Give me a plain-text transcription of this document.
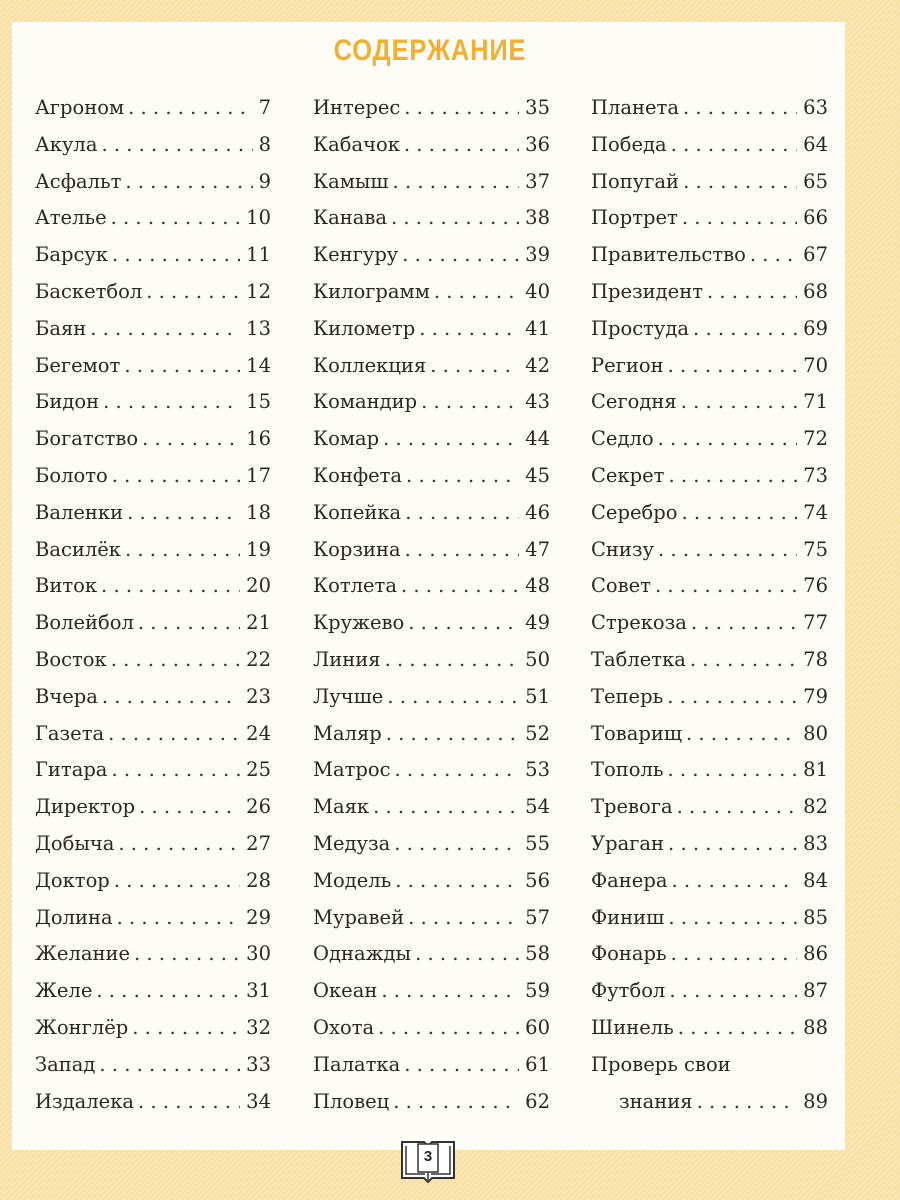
СОДЕРЖАНИЕ
Агроном . . .	7
Акула . . .	8
Асфальт . . .	9
Ателье . . .	10
Барсук . . .	11
Баскетбол . . .	12
Баян . . .	13
Бегемот . . .	14
Бидон . . .	15
Богатство . . .	16
Болото . . .	17
Валенки . . .	18
Василёк . . .	19
Виток . . .	20
Волейбол . . .	21
Восток . . .	22
Вчера . . .	23
Газета . . .	24
Гитара . . .	25
Директор . . .	26
Добыча . . .	27
Доктор . . .	28
Долина . . .	29
Желание . . .	30
Желе . . .	31
Жонглёр . . .	32
Запад . . .	33
Издалека . . .	34
Интерес . . .	35
Кабачок . . .	36
Камыш . . .	37
Канава . . .	38
Кенгуру . . .	39
Килограмм . . .	40
Километр . . .	41
Коллекция . . .	42
Командир . . .	43
Комар . . .	44
Конфета . . .	45
Копейка . . .	46
Корзина . . .	47
Котлета . . .	48
Кружево . . .	49
Линия . . .	50
Лучше . . .	51
Маляр . . .	52
Матрос . . .	53
Маяк . . .	54
Медуза . . .	55
Модель . . .	56
Муравей . . .	57
Однажды . . .	58
Океан . . .	59
Охота . . .	60
Палатка . . .	61
Пловец . . .	62
Планета . . .	63
Победа . . .	64
Попугай . . .	65
Портрет . . .	66
Правительство . . .	67
Президент . . .	68
Простуда . . .	69
Регион . . .	70
Сегодня . . .	71
Седло . . .	72
Секрет . . .	73
Серебро . . .	74
Снизу . . .	75
Совет . . .	76
Стрекоза . . .	77
Таблетка . . .	78
Теперь . . .	79
Товарищ . . .	80
Тополь . . .	81
Тревога . . .	82
Ураган . . .	83
Фанера . . .	84
Финиш . . .	85
Фонарь . . .	86
Футбол . . .	87
Шинель . . .	88
Проверь свои
знания . . .	89
3
